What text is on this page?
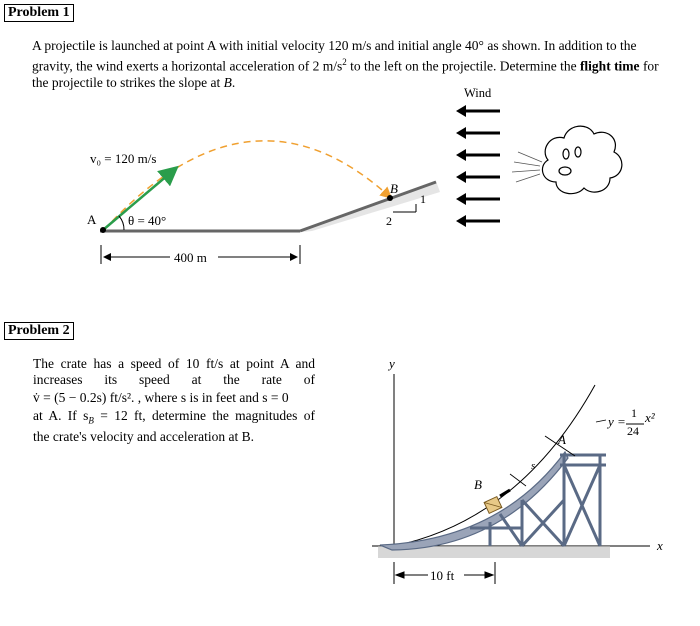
Problem 1
A projectile is launched at point A with initial velocity 120 m/s and initial angle 40° as shown. In addition to the gravity, the wind exerts a horizontal acceleration of 2 $m/s^2$ to the left on the projectile. Determine the flight time for the projectile to strikes the slope at B.
Wind
v₀ = 120 m/s
θ = 40°
A
B
400 m
1
2
Problem 2
The crate has a speed of 10 ft/s at point A and
increases its speed at the rate of
v̇ = (5 − 0.2s) ft/s². , where s is in feet and s = 0
at A. If $s_B = 12$ ft, determine the magnitudes of
the crate's velocity and acceleration at B.
y
x
A
B
s
y =
1
24
x²
10 ft
